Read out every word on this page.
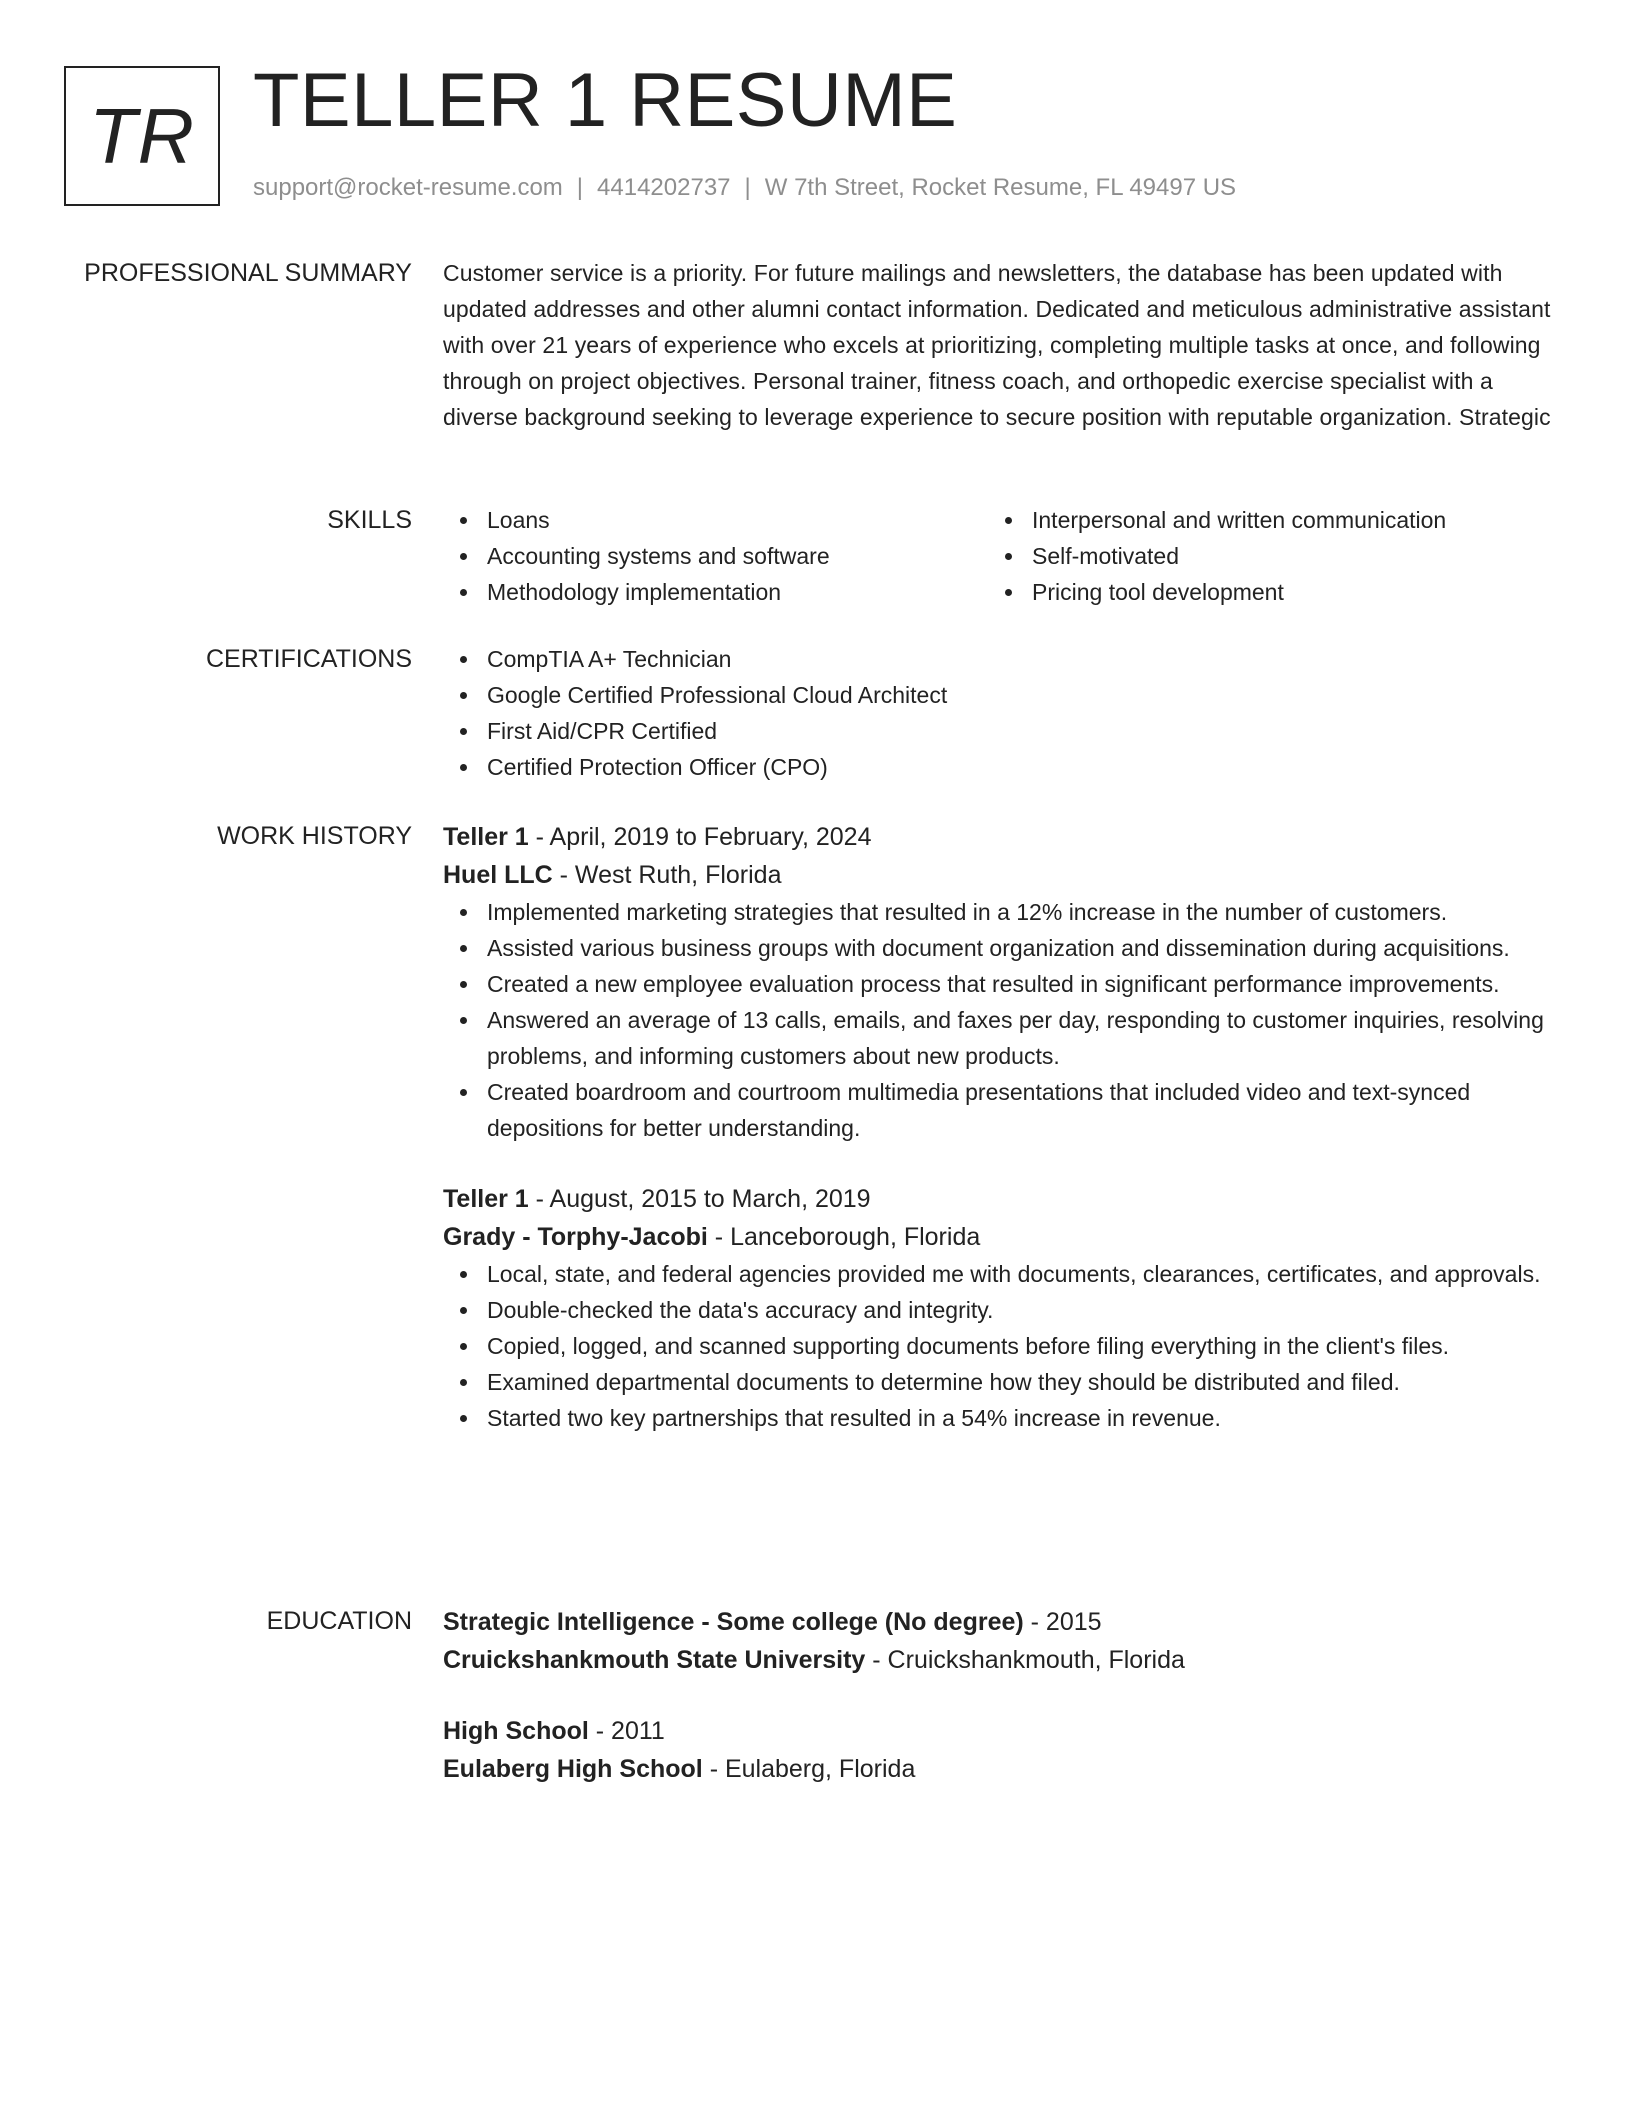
TR TELLER 1 RESUME
support@rocket-resume.com | 4414202737 | W 7th Street, Rocket Resume, FL 49497 US
PROFESSIONAL SUMMARY Customer service is a priority. For future mailings and newsletters, the database has been updated with updated addresses and other alumni contact information. Dedicated and meticulous administrative assistant with over 21 years of experience who excels at prioritizing, completing multiple tasks at once, and following through on project objectives. Personal trainer, fitness coach, and orthopedic exercise specialist with a diverse background seeking to leverage experience to secure position with reputable organization. Strategic

SKILLS	Loans
Accounting systems and software
Methodology implementation
Interpersonal and written communication
Self-motivated
Pricing tool development
CERTIFICATIONS	CompTIA A+ Technician
Google Certified Professional Cloud Architect
First Aid/CPR Certified
Certified Protection Officer (CPO)
WORK HISTORY Teller 1 - April, 2019 to February, 2024
Huel LLC - West Ruth, Florida
Implemented marketing strategies that resulted in a 12% increase in the number of customers.
Assisted various business groups with document organization and dissemination during acquisitions.
Created a new employee evaluation process that resulted in significant performance improvements.
Answered an average of 13 calls, emails, and faxes per day, responding to customer inquiries, resolving problems, and informing customers about new products.
Created boardroom and courtroom multimedia presentations that included video and text-synced depositions for better understanding.
Teller 1 - August, 2015 to March, 2019
Grady - Torphy-Jacobi - Lanceborough, Florida
Local, state, and federal agencies provided me with documents, clearances, certificates, and approvals.
Double-checked the data's accuracy and integrity.
Copied, logged, and scanned supporting documents before filing everything in the client's files.
Examined departmental documents to determine how they should be distributed and filed.
Started two key partnerships that resulted in a 54% increase in revenue.
EDUCATION Strategic Intelligence - Some college (No degree) - 2015
Cruickshankmouth State University - Cruickshankmouth, Florida
High School - 2011
Eulaberg High School - Eulaberg, Florida
